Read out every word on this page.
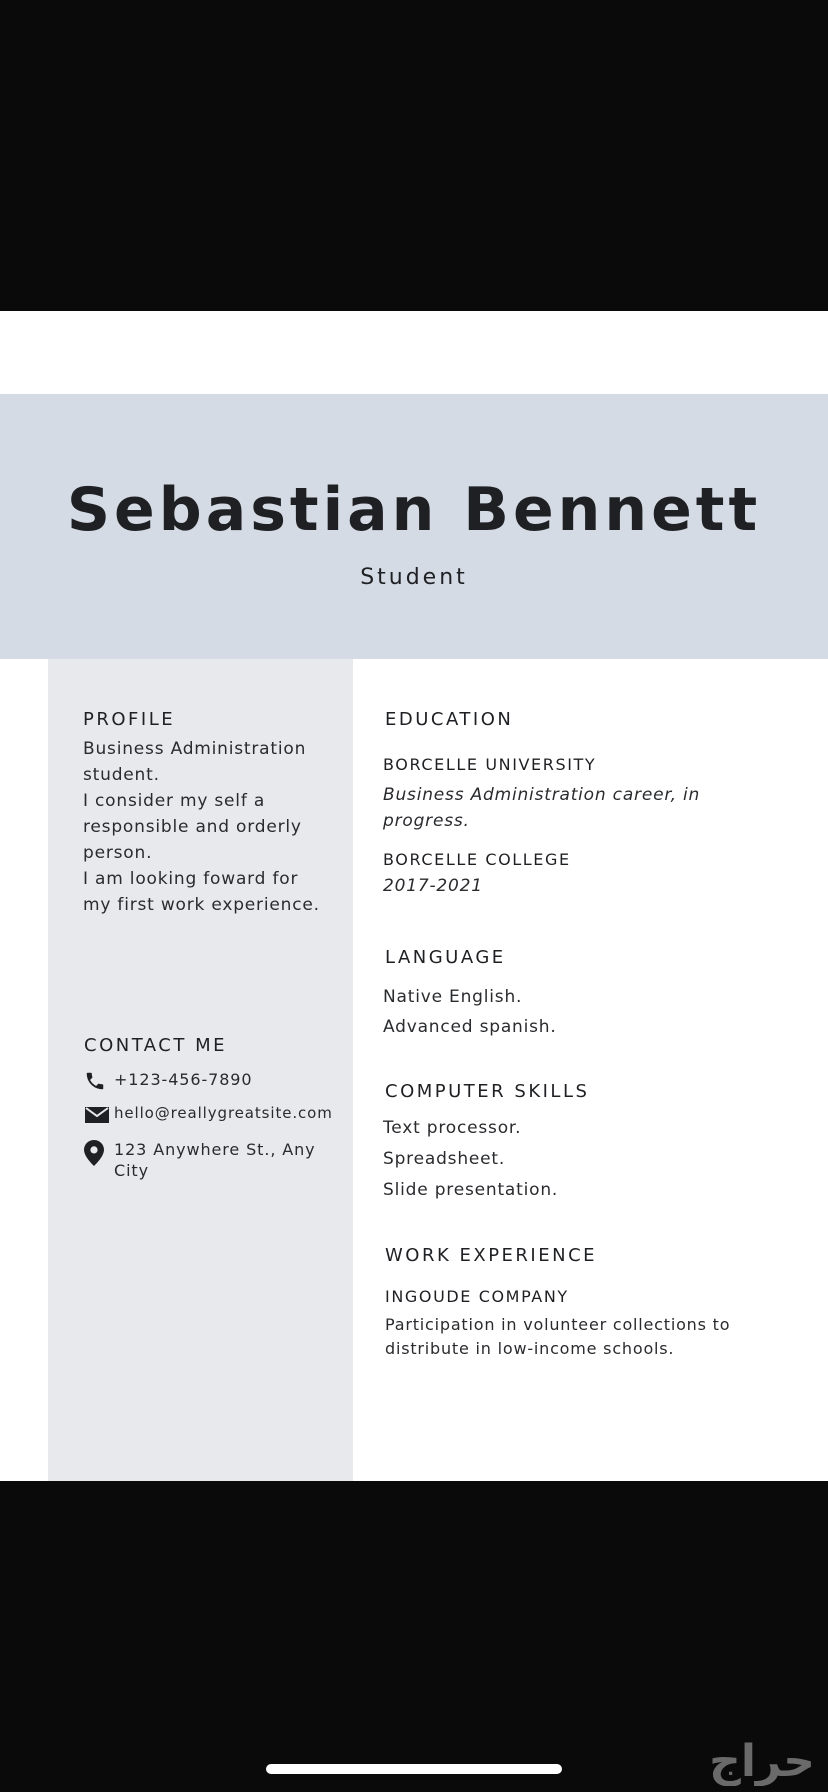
Sebastian Bennett
Student
PROFILE
Business Administration
student.
I consider my self a
responsible and orderly
person.
I am looking foward for
my first work experience.
CONTACT ME
+123-456-7890
hello@reallygreatsite.com
123 Anywhere St., Any
City
EDUCATION
BORCELLE UNIVERSITY
Business Administration career, in
progress.
BORCELLE COLLEGE
2017-2021
LANGUAGE
Native English.
Advanced spanish.
COMPUTER SKILLS
Text processor.
Spreadsheet.
Slide presentation.
WORK EXPERIENCE
INGOUDE COMPANY
Participation in volunteer collections to
distribute in low-income schools.
حراج
